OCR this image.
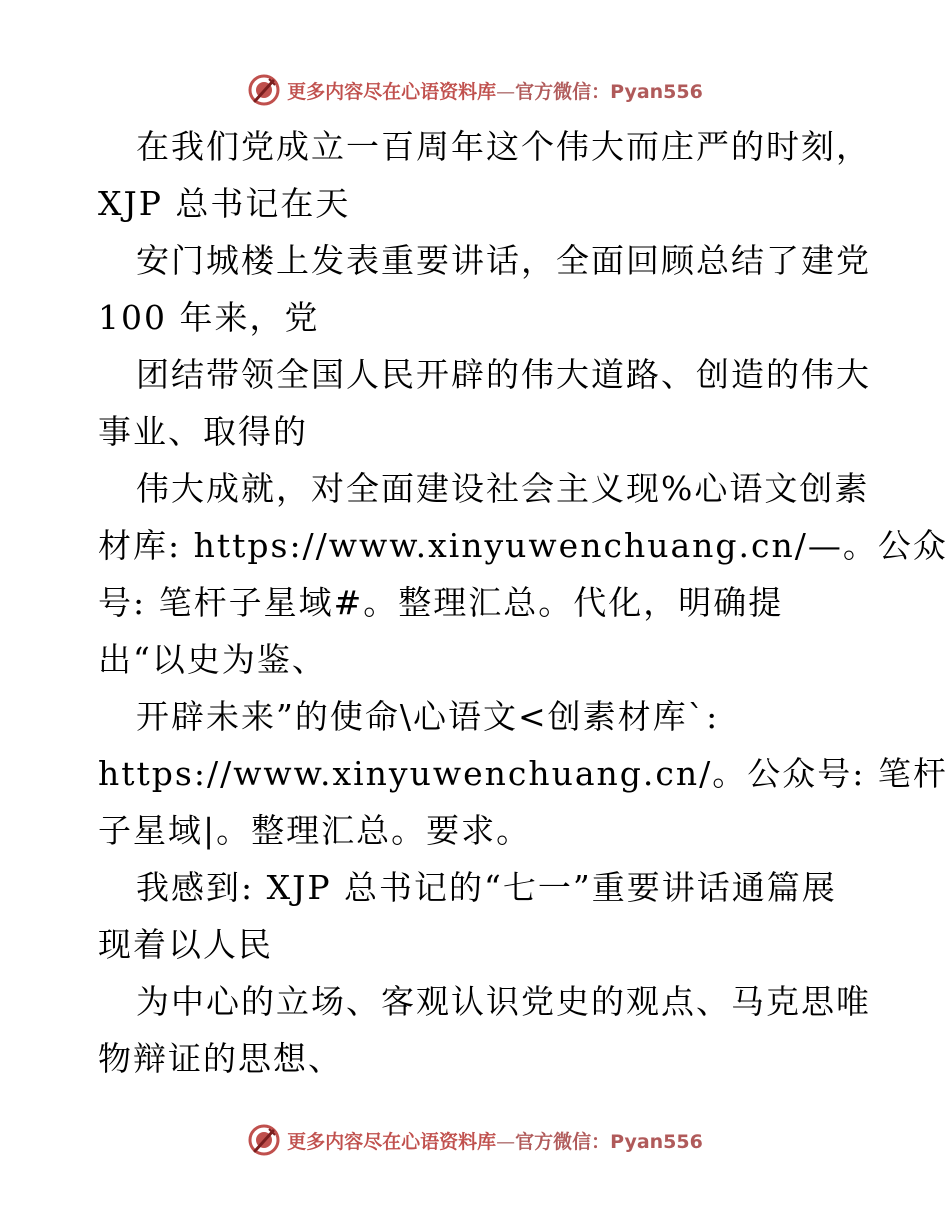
更多内容尽在心语资料库—官方微信：Pyan556
在我们党成立一百周年这个伟大而庄严的时刻，
XJP 总书记在天
安门城楼上发表重要讲话，全面回顾总结了建党
100 年来，党
团结带领全国人民开辟的伟大道路、创造的伟大
事业、取得的
伟大成就，对全面建设社会主义现%心语文创素
材库: https://www.xinyuwenchuang.cn/—。公众
号: 笔杆子星域#。整理汇总。代化，明确提
出“以史为鉴、
开辟未来”的使命\心语文<创素材库`:
https://www.xinyuwenchuang.cn/。公众号: 笔杆
子星域|。整理汇总。要求。
我感到: XJP 总书记的“七一”重要讲话通篇展
现着以人民
为中心的立场、客观认识党史的观点、马克思唯
物辩证的思想、
更多内容尽在心语资料库—官方微信：Pyan556
